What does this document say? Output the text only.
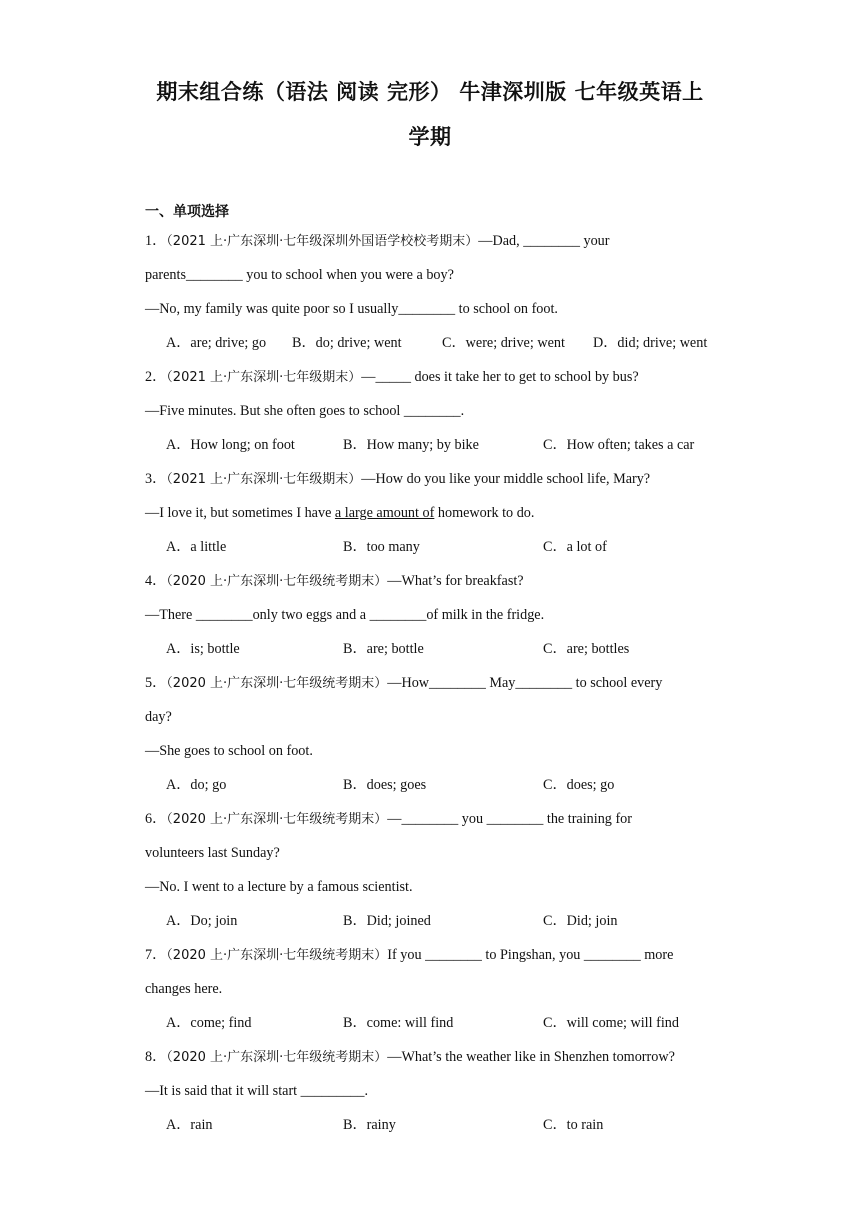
期末组合练（语法 阅读 完形） 牛津深圳版 七年级英语上
学期
一、单项选择
1．（2021 上·广东深圳·七年级深圳外国语学校校考期末）—Dad, ________ your
parents________ you to school when you were a boy?
—No, my family was quite poor so I usually________ to school on foot.
A．are; drive; go B．do; drive; went	C．were; drive; went D．did; drive; went
2．（2021 上·广东深圳·七年级期末）—_____ does it take her to get to school by bus?
—Five minutes. But she often goes to school ________.
A．How long; on foot	B．How many; by bike	C．How often; takes a car
3．（2021 上·广东深圳·七年级期末）—How do you like your middle school life, Mary?
—I love it, but sometimes I have a large amount of homework to do.
A．a little	B．too many	C．a lot of
4．（2020 上·广东深圳·七年级统考期末）—What’s for breakfast?
—There ________only two eggs and a ________of milk in the fridge.
A．is; bottle	B．are; bottle	C．are; bottles
5．（2020 上·广东深圳·七年级统考期末）—How________ May________ to school every
day?
—She goes to school on foot.
A．do; go	B．does; goes	C．does; go
6．（2020 上·广东深圳·七年级统考期末）—________ you ________ the training for
volunteers last Sunday?
—No. I went to a lecture by a famous scientist.
A．Do; join	B．Did; joined	C．Did; join
7．（2020 上·广东深圳·七年级统考期末）If you ________ to Pingshan, you ________ more
changes here.
A．come; find	B．come: will find	C．will come; will find
8．（2020 上·广东深圳·七年级统考期末）—What’s the weather like in Shenzhen tomorrow?
—It is said that it will start _________.
A．rain	B．rainy	C．to rain
